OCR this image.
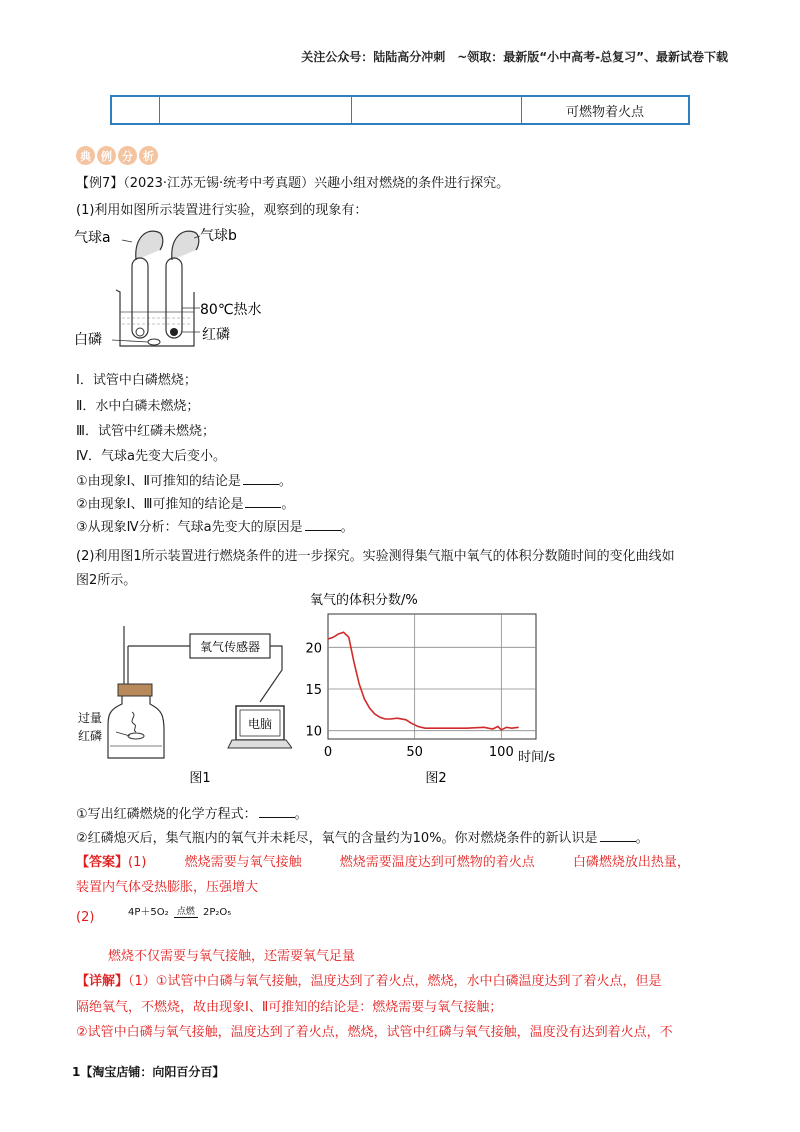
关注公众号：陆陆高分冲刺　~领取：最新版“小中高考-总复习”、最新试卷下载
可燃物着火点
典 例 分 析
【例7】（2023·江苏无锡·统考中考真题）兴趣小组对燃烧的条件进行探究。
(1)利用如图所示装置进行实验，观察到的现象有：
气球a	气球b
80℃热水
红磷
白磷
Ⅰ．试管中白磷燃烧；
Ⅱ．水中白磷未燃烧；
Ⅲ．试管中红磷未燃烧；
Ⅳ．气球a先变大后变小。
①由现象Ⅰ、Ⅱ可推知的结论是	。
②由现象Ⅰ、Ⅲ可推知的结论是	。
③从现象Ⅳ分析：气球a先变大的原因是	。
(2)利用图1所示装置进行燃烧条件的进一步探究。实验测得集气瓶中氧气的体积分数随时间的变化曲线如
图2所示。
氧气传感器
电脑
过量
红磷
图1
氧气的体积分数/%
10
15
20
0	50	100 时间/s
图2
①写出红磷燃烧的化学方程式：	。
②红磷熄灭后，集气瓶内的氧气并未耗尽，氧气的含量约为10%。你对燃烧条件的新认识是	。
【答案】(1)	燃烧需要与氧气接触	燃烧需要温度达到可燃物的着火点	白磷燃烧放出热量，
装置内气体受热膨胀，压强增大
(2)	4P＋5O₂ 点燃 2P₂O₅
燃烧不仅需要与氧气接触，还需要氧气足量
【详解】（1）①试管中白磷与氧气接触，温度达到了着火点，燃烧，水中白磷温度达到了着火点，但是
隔绝氧气，不燃烧，故由现象Ⅰ、Ⅱ可推知的结论是：燃烧需要与氧气接触；
②试管中白磷与氧气接触，温度达到了着火点，燃烧，试管中红磷与氧气接触，温度没有达到着火点，不
1【淘宝店铺：向阳百分百】
